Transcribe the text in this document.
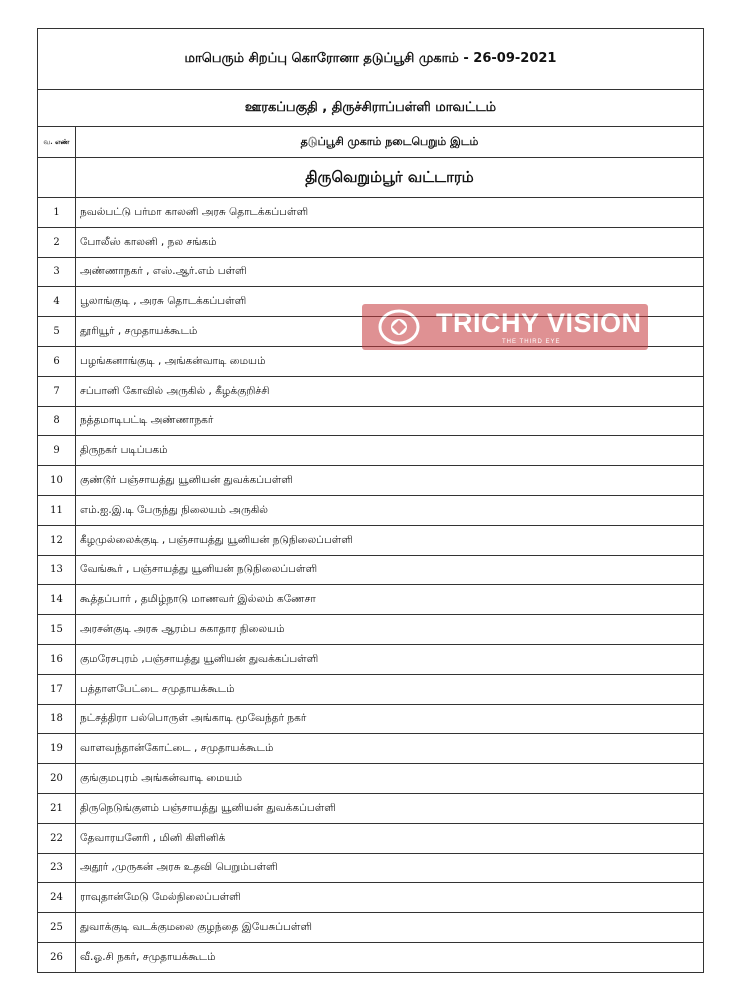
மாபெரும் சிறப்பு கொரோனா தடுப்பூசி முகாம் - 26-09-2021
ஊரகப்பகுதி , திருச்சிராப்பள்ளி மாவட்டம்
வ. எண்	தடுப்பூசி முகாம் நடைபெறும் இடம்
	திருவெறும்பூர் வட்டாரம்
1	நவல்பட்டு பர்மா காலனி அரசு தொடக்கப்பள்ளி
2	போலீஸ் காலனி , நல சங்கம்
3	அண்ணாநகர் , எஸ்.ஆர்.எம் பள்ளி
4	பூலாங்குடி , அரசு தொடக்கப்பள்ளி
5	தூரியூர் , சமுதாயக்கூடம்
6	பழங்கனாங்குடி , அங்கன்வாடி மையம்
7	சப்பானி கோவில் அருகில் , கீழக்குறிச்சி
8	நத்தமாடிபட்டி அண்ணாநகர்
9	திருநகர் படிப்பகம்
10	குண்டூர் பஞ்சாயத்து யூனியன் துவக்கப்பள்ளி
11	எம்.ஐ.இ.டி பேருந்து நிலையம் அருகில்
12	கீழமுல்லைக்குடி , பஞ்சாயத்து யூனியன் நடுநிலைப்பள்ளி
13	வேங்கூர் , பஞ்சாயத்து யூனியன் நடுநிலைப்பள்ளி
14	கூத்தப்பார் , தமிழ்நாடு மாணவர் இல்லம் கணேசா
15	அரசன்குடி அரசு ஆரம்ப சுகாதார நிலையம்
16	குமரேசபுரம் ,பஞ்சாயத்து யூனியன் துவக்கப்பள்ளி
17	பத்தாளபேட்டை சமுதாயக்கூடம்
18	நட்சத்திரா பல்பொருள் அங்காடி மூவேந்தர் நகர்
19	வாளவந்தான்கோட்டை , சமுதாயக்கூடம்
20	குங்குமபுரம் அங்கன்வாடி மையம்
21	திருநெடுங்குளம் பஞ்சாயத்து யூனியன் துவக்கப்பள்ளி
22	தேவாரயனேரி , மினி கிளினிக்
23	அதூர் ,முருகன் அரசு உதவி பெறும்பள்ளி
24	ராவுதான்மேடு மேல்நிலைப்பள்ளி
25	துவாக்குடி வடக்குமலை குழந்தை இயேசுப்பள்ளி
26	வீ.ஓ.சி நகர், சமுதாயக்கூடம்
TRICHY VISION
THE THIRD EYE
